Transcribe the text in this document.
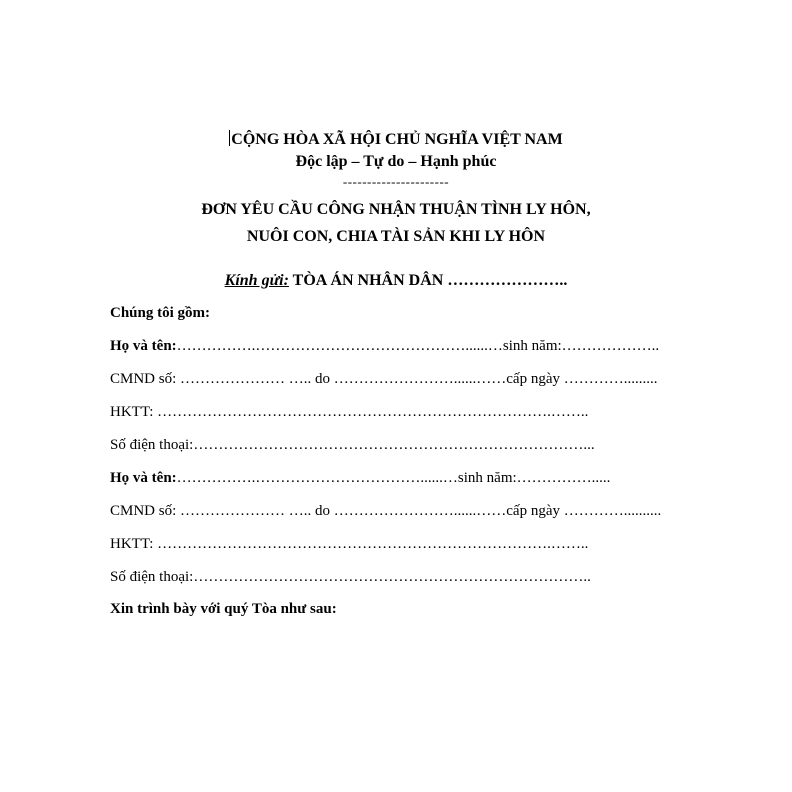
CỘNG HÒA XÃ HỘI CHỦ NGHĨA VIỆT NAM
Độc lập – Tự do – Hạnh phúc
----------------------
ĐƠN YÊU CẦU CÔNG NHẬN THUẬN TÌNH LY HÔN,
NUÔI CON, CHIA TÀI SẢN KHI LY HÔN
Kính gửi: TÒA ÁN NHÂN DÂN …………………..
Chúng tôi gồm:
Họ và tên:…………….……………………………………......…sinh năm:………………..
CMND số: ………………… ….. do ……………………......……cấp ngày ………….........
HKTT: …………………………………………………………………….……..
Số điện thoại:……………………………………………………………………...
Họ và tên:…………….……………………………......…sinh năm:…………….....
CMND số: ………………… ….. do ……………………......……cấp ngày …………..........
HKTT: …………………………………………………………………….……..
Số điện thoại:……………………………………………………………………..
Xin trình bày với quý Tòa như sau:
